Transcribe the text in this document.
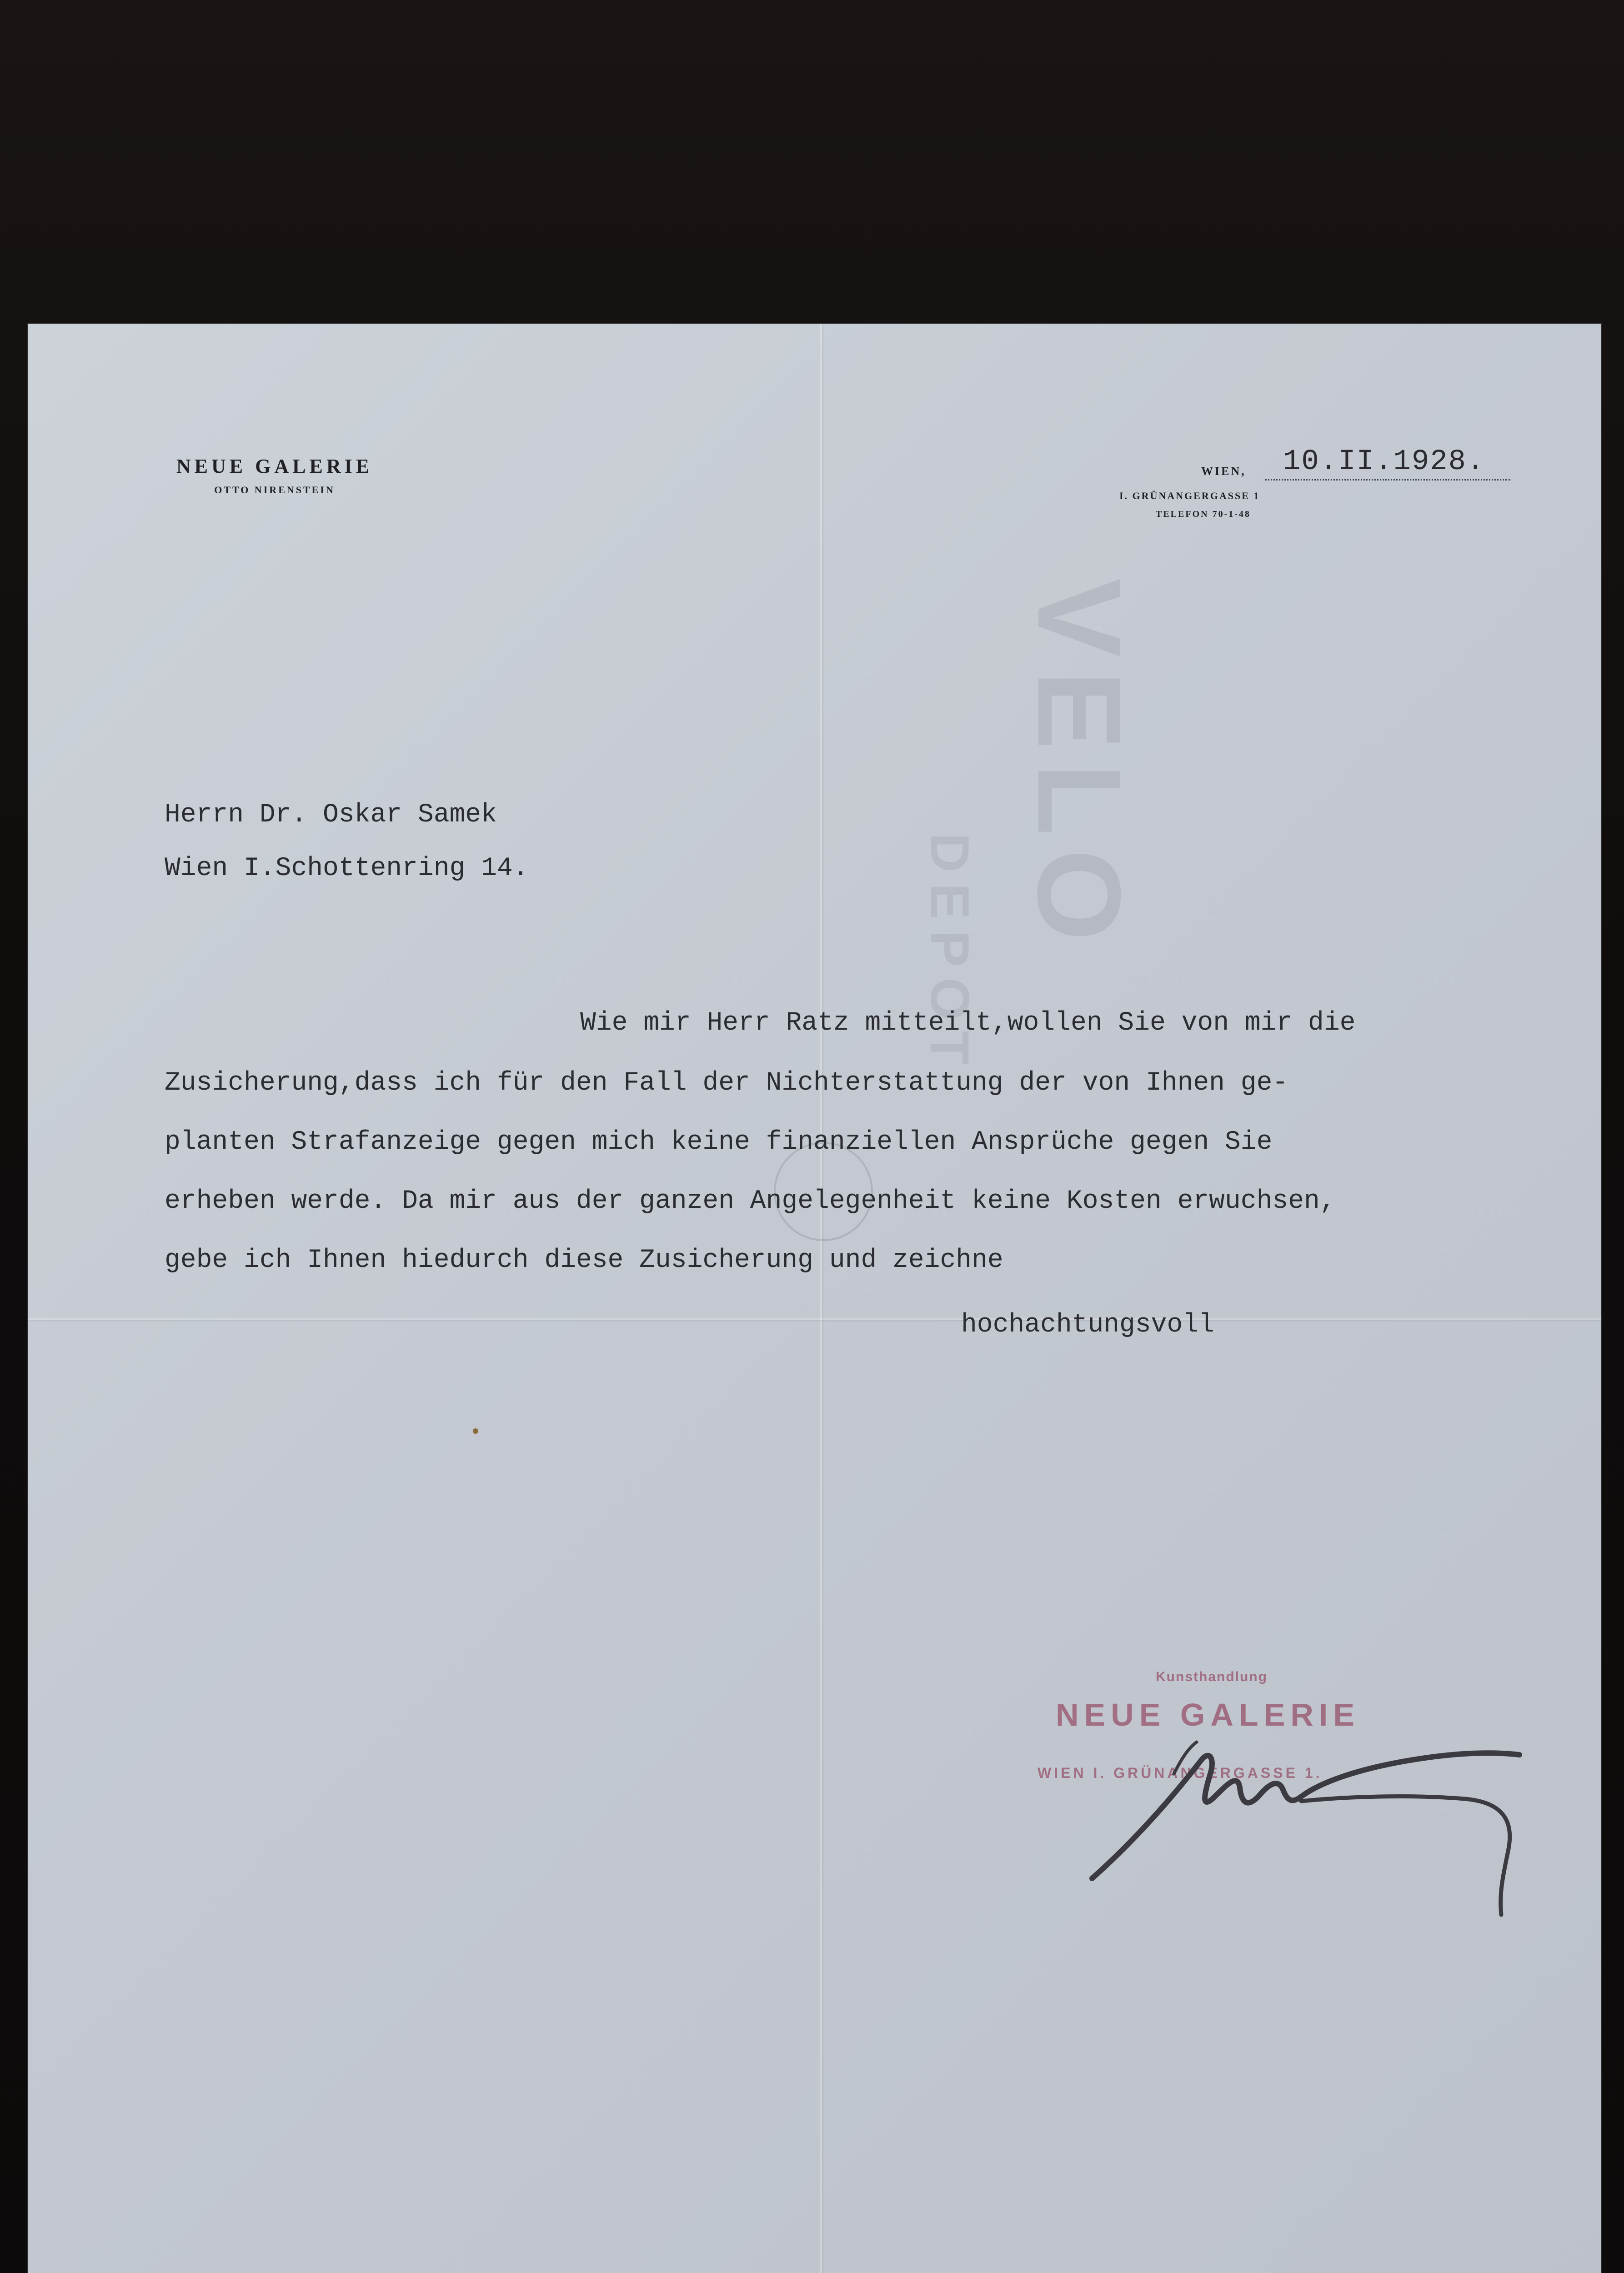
VELO
DEPOT
NEUE GALERIE
OTTO NIRENSTEIN
WIEN, 10.II.1928.
I. GRÜNANGERGASSE 1
TELEFON 70-1-48
Herrn Dr. Oskar Samek
Wien I.Schottenring 14.
Wie mir Herr Ratz mitteilt,wollen Sie von mir die
Zusicherung,dass ich für den Fall der Nichterstattung der von Ihnen ge-
planten Strafanzeige gegen mich keine finanziellen Ansprüche gegen Sie
erheben werde. Da mir aus der ganzen Angelegenheit keine Kosten erwuchsen,
gebe ich Ihnen hiedurch diese Zusicherung und zeichne
hochachtungsvoll
Kunsthandlung
NEUE GALERIE
WIEN I. GRÜNANGERGASSE 1.
